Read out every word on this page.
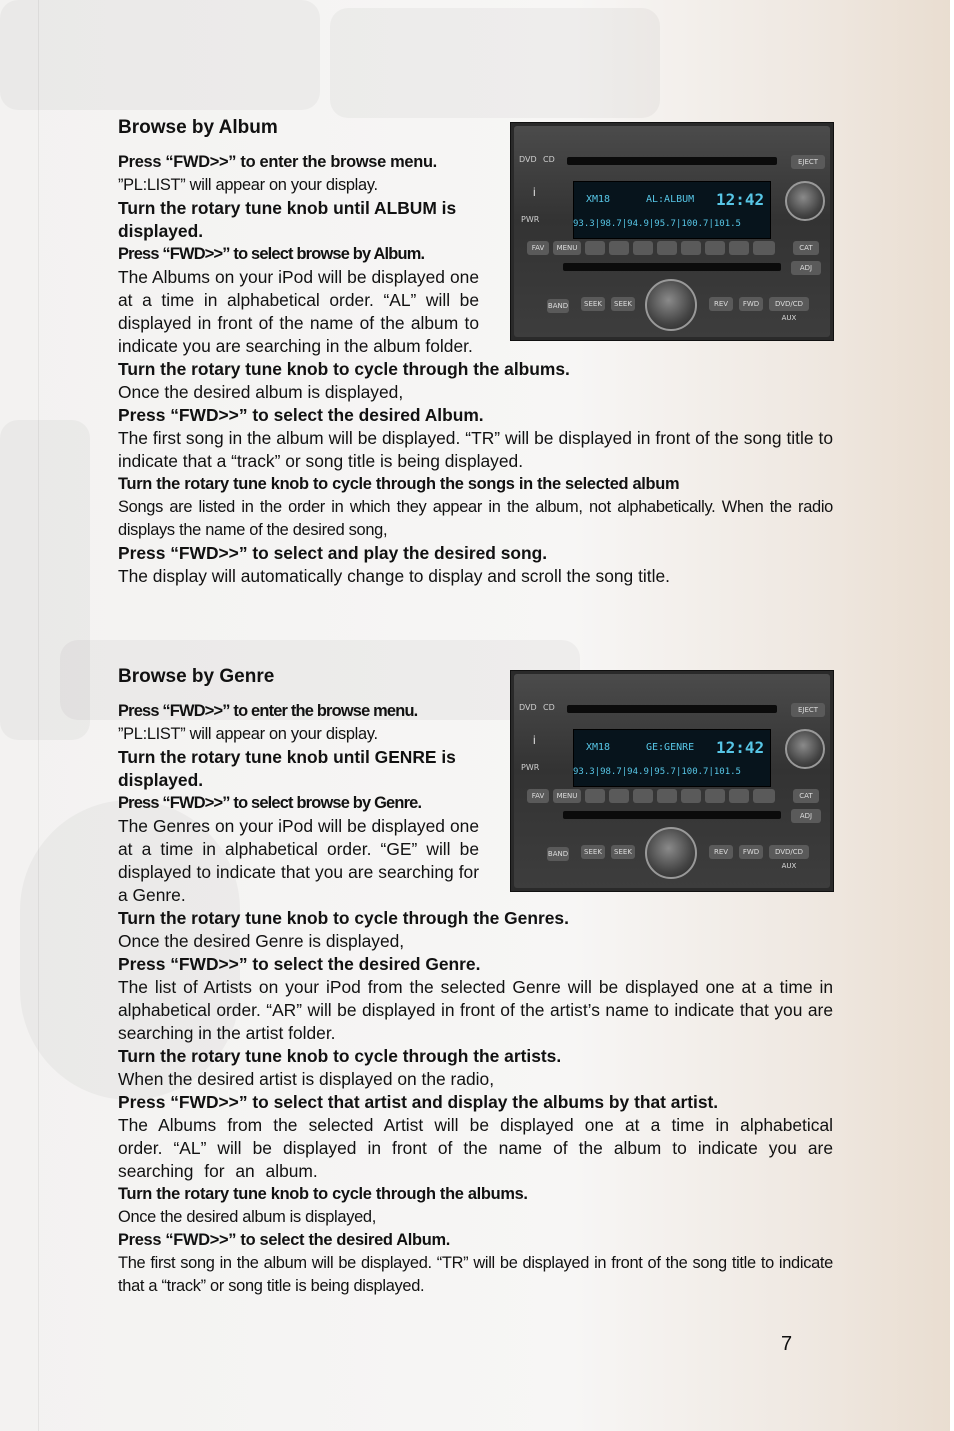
Browse by Album

Press “FWD>>” to enter the browse menu.

”PL:LIST” will appear on your display.

Turn the rotary tune knob until ALBUM is displayed.

Press “FWD>>” to select browse by Album.

The Albums on your iPod will be displayed one at a time in alphabetical order. “AL” will be displayed in front of the name of the album to indicate you are searching in the album folder.

Turn the rotary tune knob to cycle through the albums.

Once the desired album is displayed,

Press “FWD>>” to select the desired Album.

The first song in the album will be displayed. “TR” will be displayed in front of the song title to indicate that a “track” or song title is being displayed.

Turn the rotary tune knob to cycle through the songs in the selected album

Songs are listed in the order in which they appear in the album, not alphabetically. When the radio displays the name of the desired song,

Press “FWD>>” to select and play the desired song.

The display will automatically change to display and scroll the song title.

DVD CD	EJECT
i
PWR
XM18	AL:ALBUM 12:42
93.3|98.7|94.9|95.7|100.7|101.5
FAV	MENU	CAT
ADJ
BAND	SEEK	SEEK	REV	FWD	DVD/CD AUX
Browse by Genre

Press “FWD>>” to enter the browse menu.

”PL:LIST” will appear on your display.

Turn the rotary tune knob until GENRE is displayed.

Press “FWD>>” to select browse by Genre.

The Genres on your iPod will be displayed one at a time in alphabetical order. “GE” will be displayed to indicate that you are searching for a Genre.

Turn the rotary tune knob to cycle through the Genres.

Once the desired Genre is displayed,

Press “FWD>>” to select the desired Genre.

The list of Artists on your iPod from the selected Genre will be displayed one at a time in alphabetical order. “AR” will be displayed in front of the artist’s name to indicate that you are searching in the artist folder.

Turn the rotary tune knob to cycle through the artists.

When the desired artist is displayed on the radio,

Press “FWD>>” to select that artist and display the albums by that artist.

The Albums from the selected Artist will be displayed one at a time in alphabetical order. “AL” will be displayed in front of the name of the album to indicate you are searching for an album.

Turn the rotary tune knob to cycle through the albums.

Once the desired album is displayed,

Press “FWD>>” to select the desired Album.

The first song in the album will be displayed. “TR” will be displayed in front of the song title to indicate that a “track” or song title is being displayed.

DVD CD	EJECT
i
PWR
XM18	GE:GENRE 12:42
93.3|98.7|94.9|95.7|100.7|101.5
FAV	MENU	CAT
ADJ
BAND	SEEK	SEEK	REV	FWD	DVD/CD AUX
7
